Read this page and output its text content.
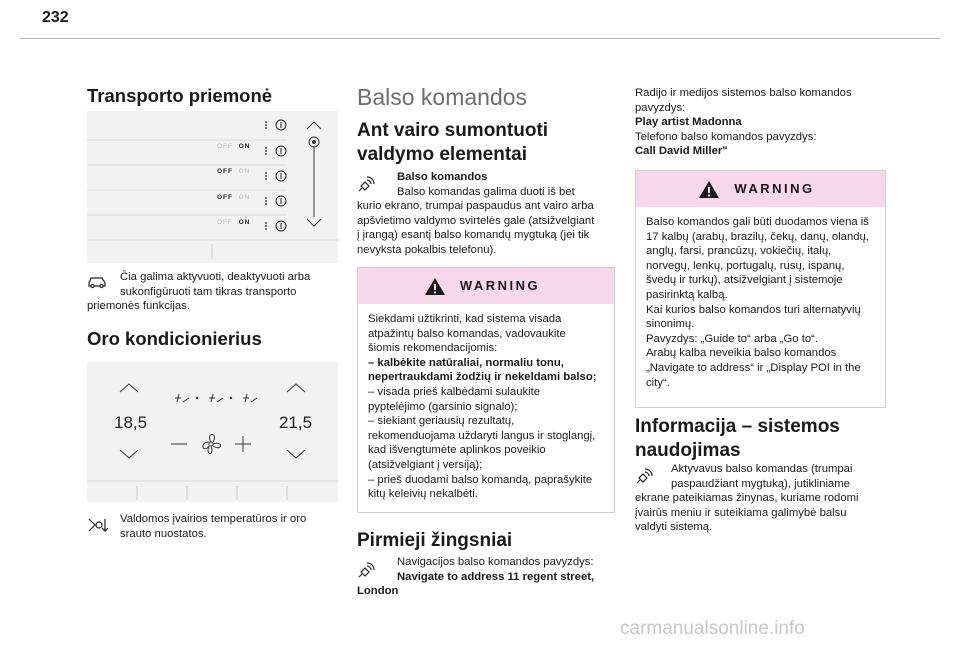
232
Transporto priemonė
OFF ON
OFF ON
OFF ON
OFF ON
Čia galima aktyvuoti, deaktyvuoti arba
sukonfigūruoti tam tikras transporto
priemonės funkcijas.
Oro kondicionierius
18,5	21,5
Valdomos įvairios temperatūros ir oro
srauto nuostatos.
Balso komandos
Ant vairo sumontuoti
valdymo elementai
Balso komandos
Balso komandas galima duoti iš bet
kurio ekrano, trumpai paspaudus ant vairo arba
apšvietimo valdymo svirtelės gale (atsižvelgiant
į įrangą) esantį balso komandų mygtuką (jei tik
nevyksta pokalbis telefonu).
WARNING
Siekdami užtikrinti, kad sistema visada
atpažintų balso komandas, vadovaukite
šiomis rekomendacijomis:
– kalbėkite natūraliai, normaliu tonu,
nepertraukdami žodžių ir nekeldami balso;
– visada prieš kalbėdami sulaukite
pyptelėjimo (garsinio signalo);
– siekiant geriausių rezultatų,
rekomenduojama uždaryti langus ir stoglangį,
kad išvengtumėte aplinkos poveikio
(atsižvelgiant į versiją);
– prieš duodami balso komandą, paprašykite
kitų keleivių nekalbėti.
Pirmieji žingsniai
Navigacijos balso komandos pavyzdys:
Navigate to address 11 regent street,
London
Radijo ir medijos sistemos balso komandos
pavyzdys:
Play artist Madonna
Telefono balso komandos pavyzdys:
Call David Miller"
WARNING
Balso komandos gali būti duodamos viena iš
17 kalbų (arabų, brazilų, čekų, danų, olandų,
anglų, farsi, prancūzų, vokiečių, italų,
norvegų, lenkų, portugalų, rusų, ispanų,
švedų ir turkų), atsižvelgiant į sistemoje
pasirinktą kalbą.
Kai kurios balso komandos turi alternatyvių
sinonimų.
Pavyzdys: „Guide to“ arba „Go to“.
Arabų kalba neveikia balso komandos
„Navigate to address“ ir „Display POI in the
city“.
Informacija – sistemos
naudojimas
Aktyvavus balso komandas (trumpai
paspaudžiant mygtuką), jutikliniame
ekrane pateikiamas žinynas, kuriame rodomi
įvairūs meniu ir suteikiama galimybė balsu
valdyti sistemą.
carmanualsonline.info
